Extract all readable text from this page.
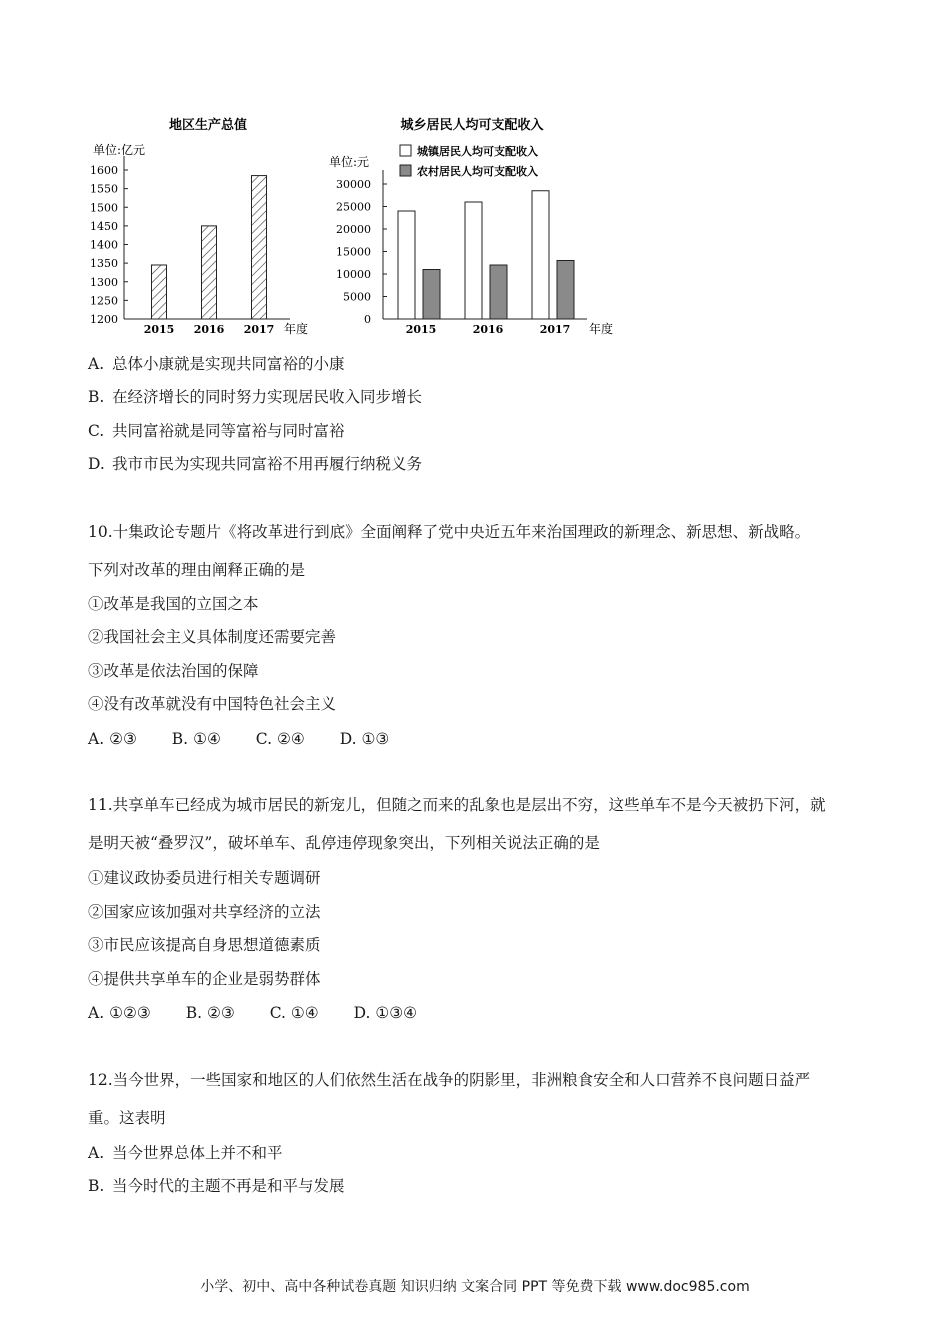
地区生产总值
单位:亿元
1200
1250
1300
1350
1400
1450
1500
1550
1600
2015 2016 2017 年度
城乡居民人均可支配收入
单位:元
城镇居民人均可支配收入
农村居民人均可支配收入
0
5000
10000
15000
20000
25000
30000
2015	2016	2017 年度
A. 总体小康就是实现共同富裕的小康
B. 在经济增长的同时努力实现居民收入同步增长
C. 共同富裕就是同等富裕与同时富裕
D. 我市市民为实现共同富裕不用再履行纳税义务
10.十集政论专题片《将改革进行到底》全面阐释了党中央近五年来治国理政的新理念、新思想、新战略。
下列对改革的理由阐释正确的是
①改革是我国的立国之本
②我国社会主义具体制度还需要完善
③改革是依法治国的保障
④没有改革就没有中国特色社会主义
A. ②③ B. ①④ C. ②④ D. ①③
11.共享单车已经成为城市居民的新宠儿，但随之而来的乱象也是层出不穷，这些单车不是今天被扔下河，就
是明天被“叠罗汉”，破坏单车、乱停违停现象突出，下列相关说法正确的是
①建议政协委员进行相关专题调研
②国家应该加强对共享经济的立法
③市民应该提高自身思想道德素质
④提供共享单车的企业是弱势群体
A. ①②③ B. ②③ C. ①④ D. ①③④
12.当今世界，一些国家和地区的人们依然生活在战争的阴影里，非洲粮食安全和人口营养不良问题日益严
重。这表明
A. 当今世界总体上并不和平
B. 当今时代的主题不再是和平与发展
小学、初中、高中各种试卷真题 知识归纳 文案合同 PPT 等免费下载 www.doc985.com
